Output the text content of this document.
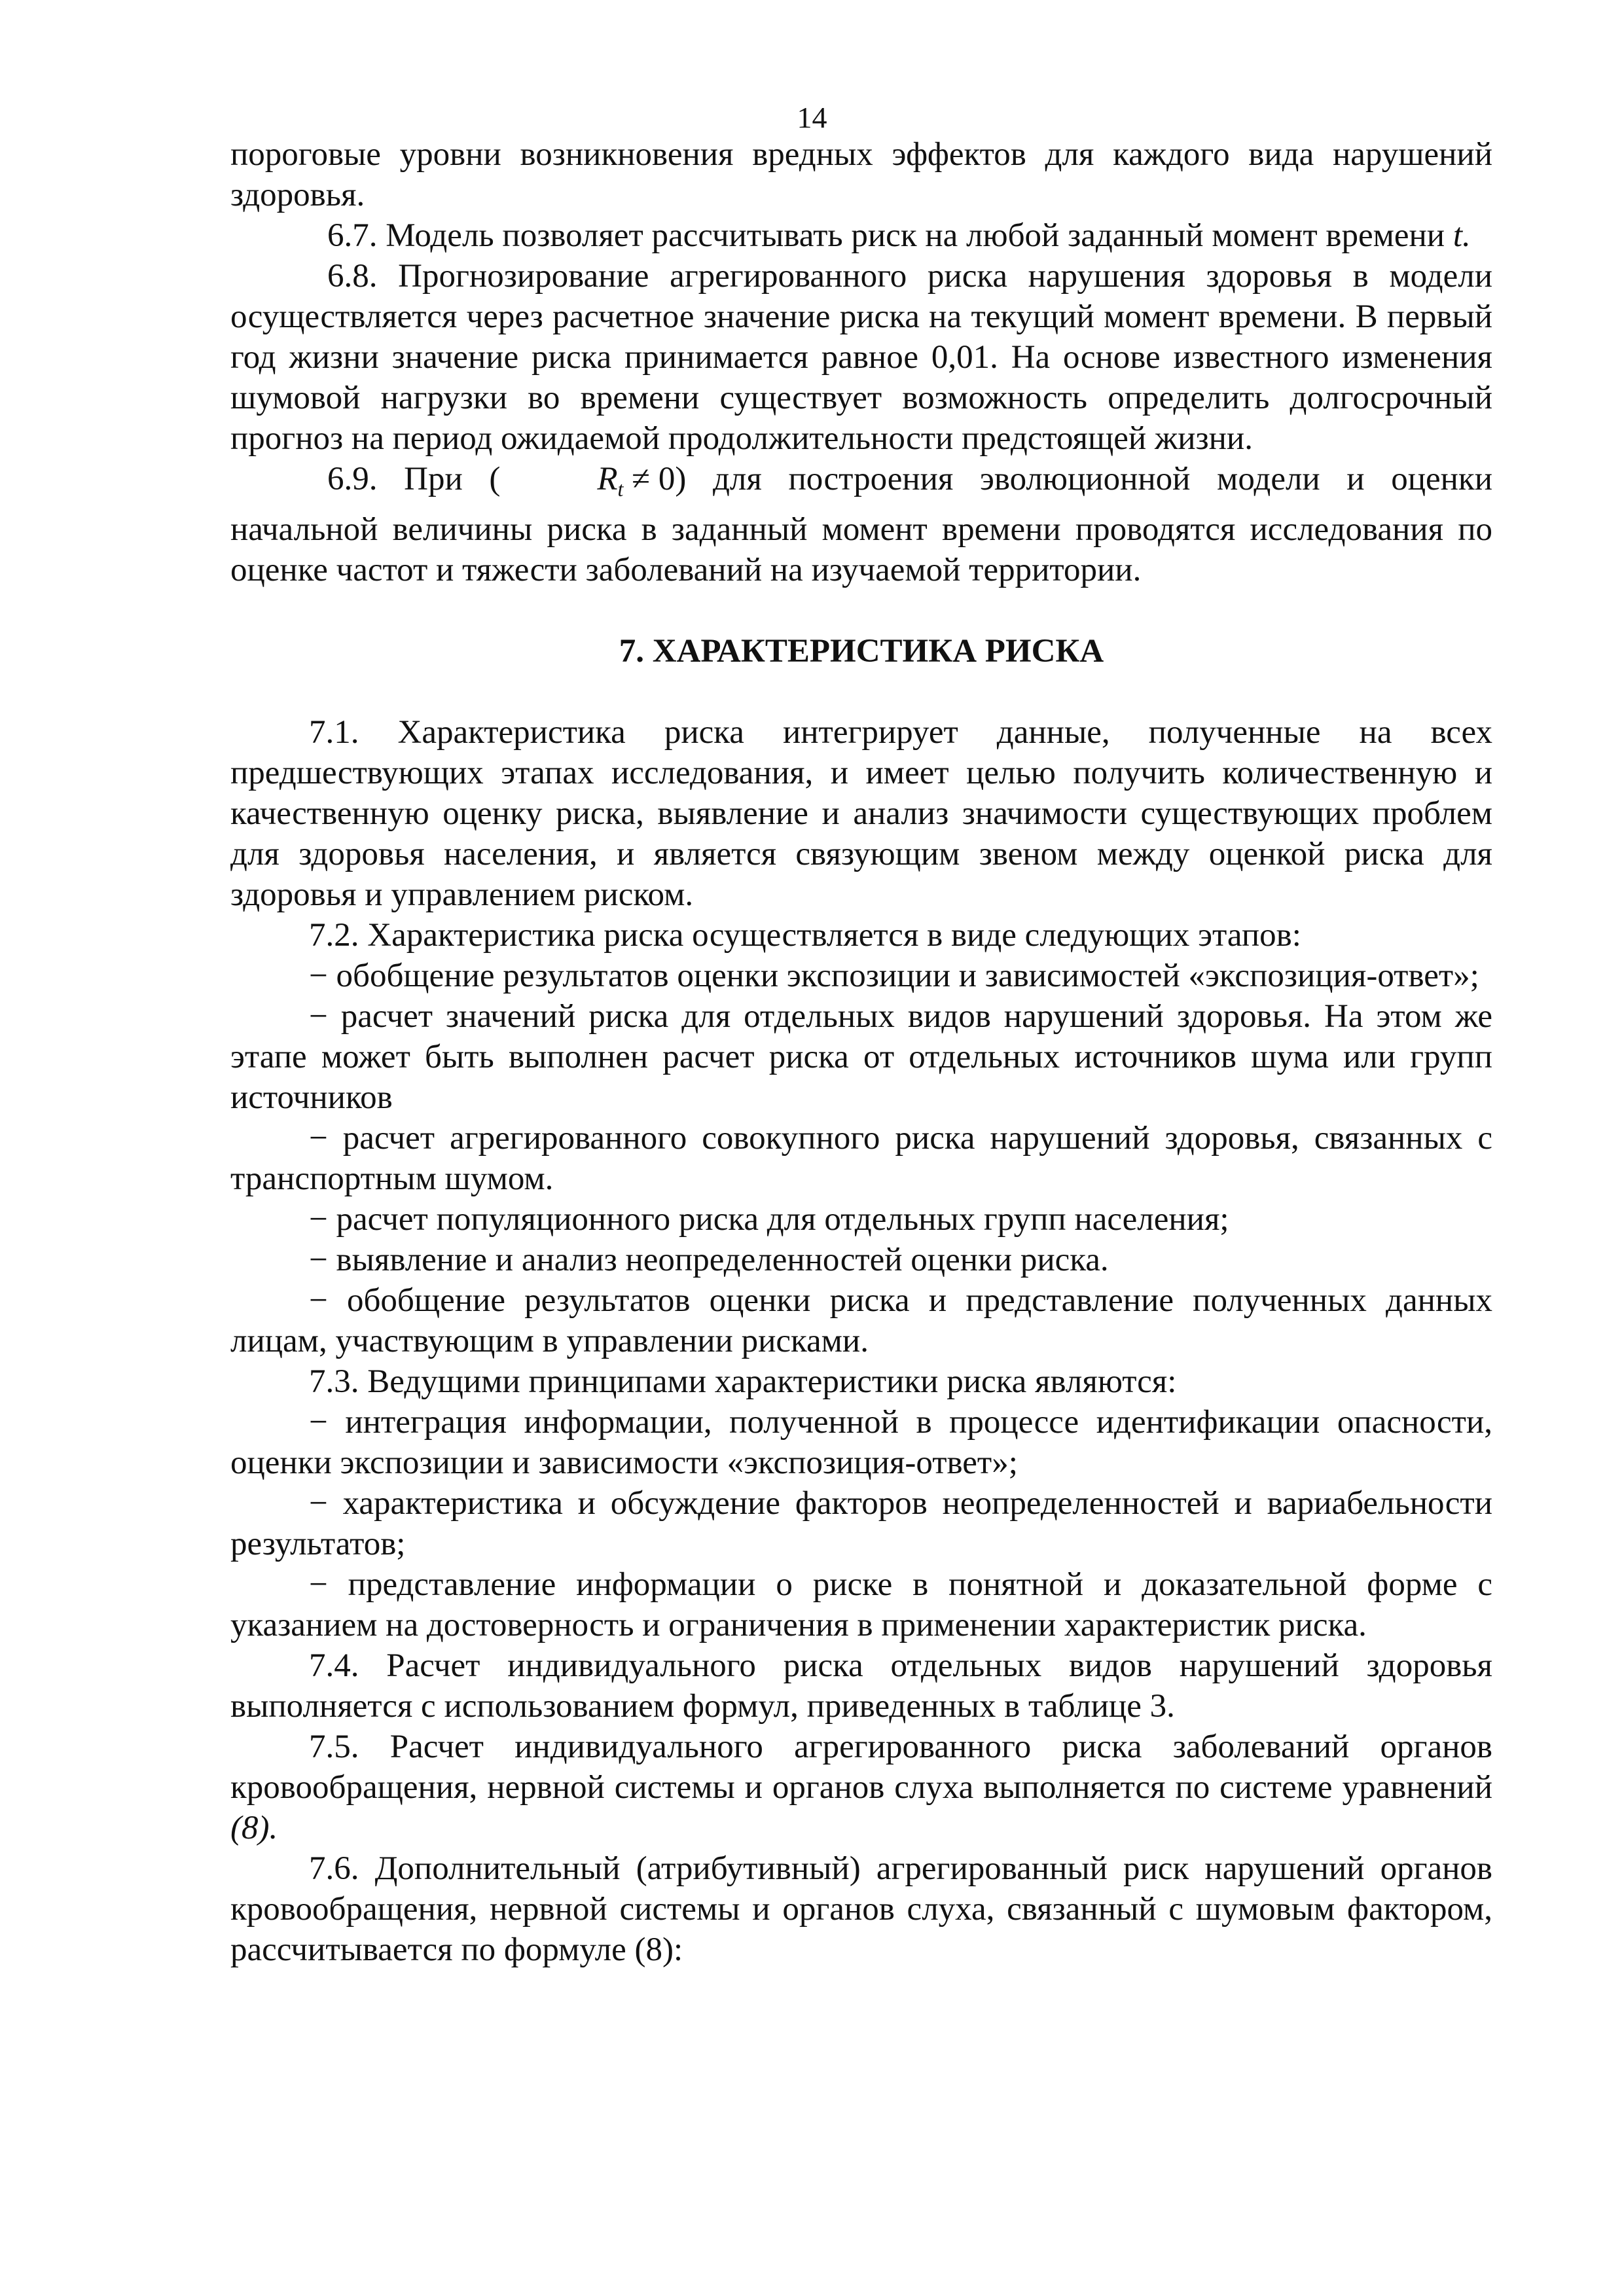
14

пороговые уровни возникновения вредных эффектов для каждого вида нарушений здоровья.

6.7. Модель позволяет рассчитывать риск на любой заданный момент времени t.

6.8. Прогнозирование агрегированного риска нарушения здоровья в модели осуществляется через расчетное значение риска на текущий момент времени. В первый год жизни значение риска принимается равное 0,01. На основе известного изменения шумовой нагрузки во времени существует возможность определить долгосрочный прогноз на период ожидаемой продолжительности предстоящей жизни.

6.9. При (	$R_t \ne 0$) для построения эволюционной модели и оценки начальной величины риска в заданный момент времени проводятся исследования по оценке частот и тяжести заболеваний на изучаемой территории.

7. ХАРАКТЕРИСТИКА РИСКА

7.1. Характеристика риска интегрирует данные, полученные на всех предшествующих этапах исследования, и имеет целью получить количественную и качественную оценку риска, выявление и анализ значимости существующих проблем для здоровья населения, и является связующим звеном между оценкой риска для здоровья и управлением риском.

7.2. Характеристика риска осуществляется в виде следующих этапов:

− обобщение результатов оценки экспозиции и зависимостей «экспозиция-ответ»;

− расчет значений риска для отдельных видов нарушений здоровья. На этом же этапе может быть выполнен расчет риска от отдельных источников шума или групп источников

− расчет агрегированного совокупного риска нарушений здоровья, связанных с транспортным шумом.

− расчет популяционного риска для отдельных групп населения;

− выявление и анализ неопределенностей оценки риска.

− обобщение результатов оценки риска и представление полученных данных лицам, участвующим в управлении рисками.

7.3. Ведущими принципами характеристики риска являются:

− интеграция информации, полученной в процессе идентификации опасности, оценки экспозиции и зависимости «экспозиция-ответ»;

− характеристика и обсуждение факторов неопределенностей и вариабельности результатов;

− представление информации о риске в понятной и доказательной форме с указанием на достоверность и ограничения в применении характеристик риска.

7.4. Расчет индивидуального риска отдельных видов нарушений здоровья выполняется с использованием формул, приведенных в таблице 3.

7.5. Расчет индивидуального агрегированного риска заболеваний органов кровообращения, нервной системы и органов слуха выполняется по системе уравнений (8).

7.6. Дополнительный (атрибутивный) агрегированный риск нарушений органов кровообращения, нервной системы и органов слуха, связанный с шумовым фактором, рассчитывается по формуле (8):
